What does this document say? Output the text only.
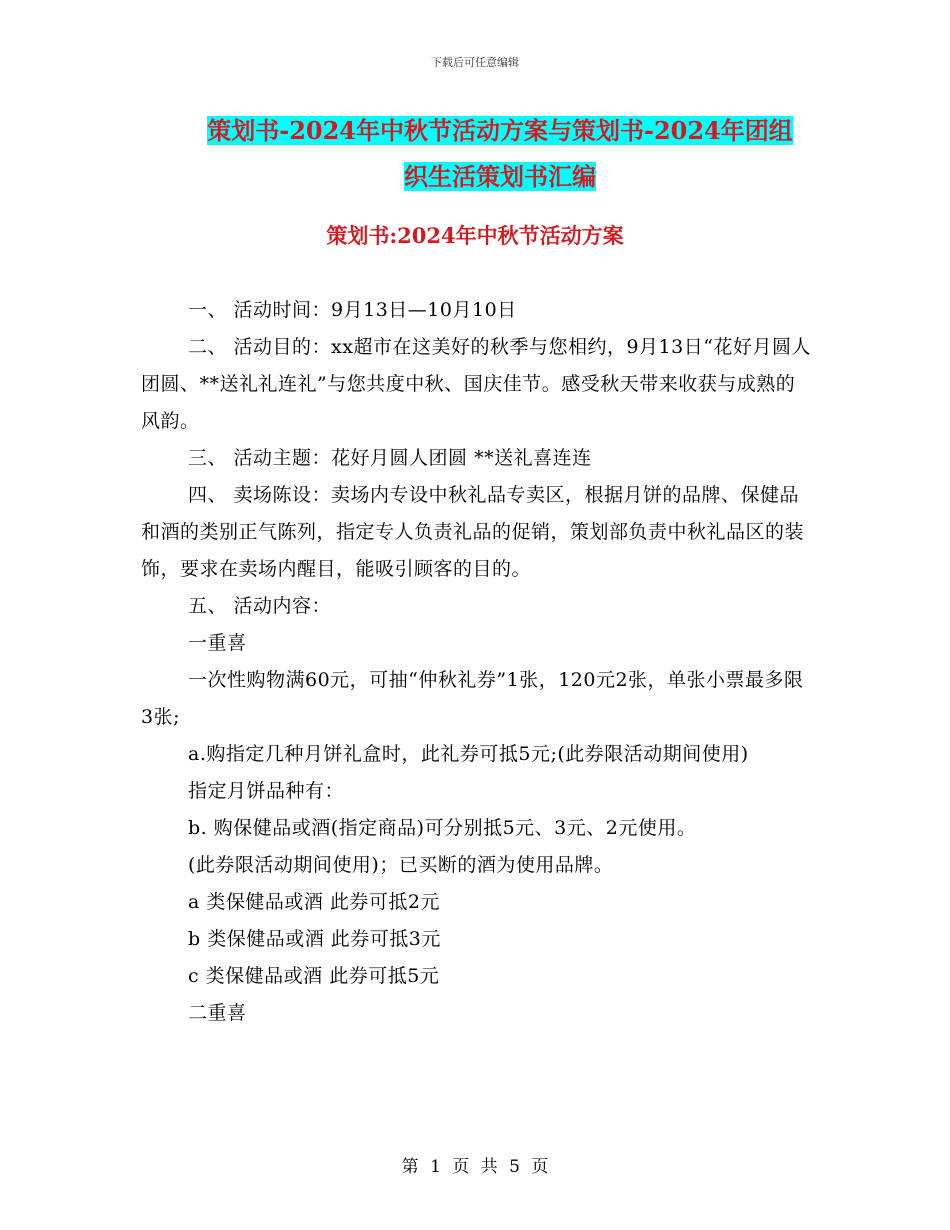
下载后可任意编辑
策划书-2024年中秋节活动方案与策划书-2024年团组
织生活策划书汇编
策划书:2024年中秋节活动方案

一、 活动时间：9月13日—10月10日

二、 活动目的：xx超市在这美好的秋季与您相约，9月13日“花好月圆人团圆、**送礼礼连礼”与您共度中秋、国庆佳节。感受秋天带来收获与成熟的风韵。

三、 活动主题：花好月圆人团圆 **送礼喜连连

四、 卖场陈设：卖场内专设中秋礼品专卖区，根据月饼的品牌、保健品和酒的类别正气陈列，指定专人负责礼品的促销，策划部负责中秋礼品区的装饰，要求在卖场内醒目，能吸引顾客的目的。

五、 活动内容：

一重喜

一次性购物满60元，可抽“仲秋礼券”1张，120元2张，单张小票最多限3张;

a.购指定几种月饼礼盒时，此礼券可抵5元;(此券限活动期间使用)

指定月饼品种有：

b. 购保健品或酒(指定商品)可分别抵5元、3元、2元使用。

(此券限活动期间使用)；已买断的酒为使用品牌。

a 类保健品或酒 此券可抵2元

b 类保健品或酒 此券可抵3元

c 类保健品或酒 此券可抵5元

二重喜

第 1 页 共 5 页
